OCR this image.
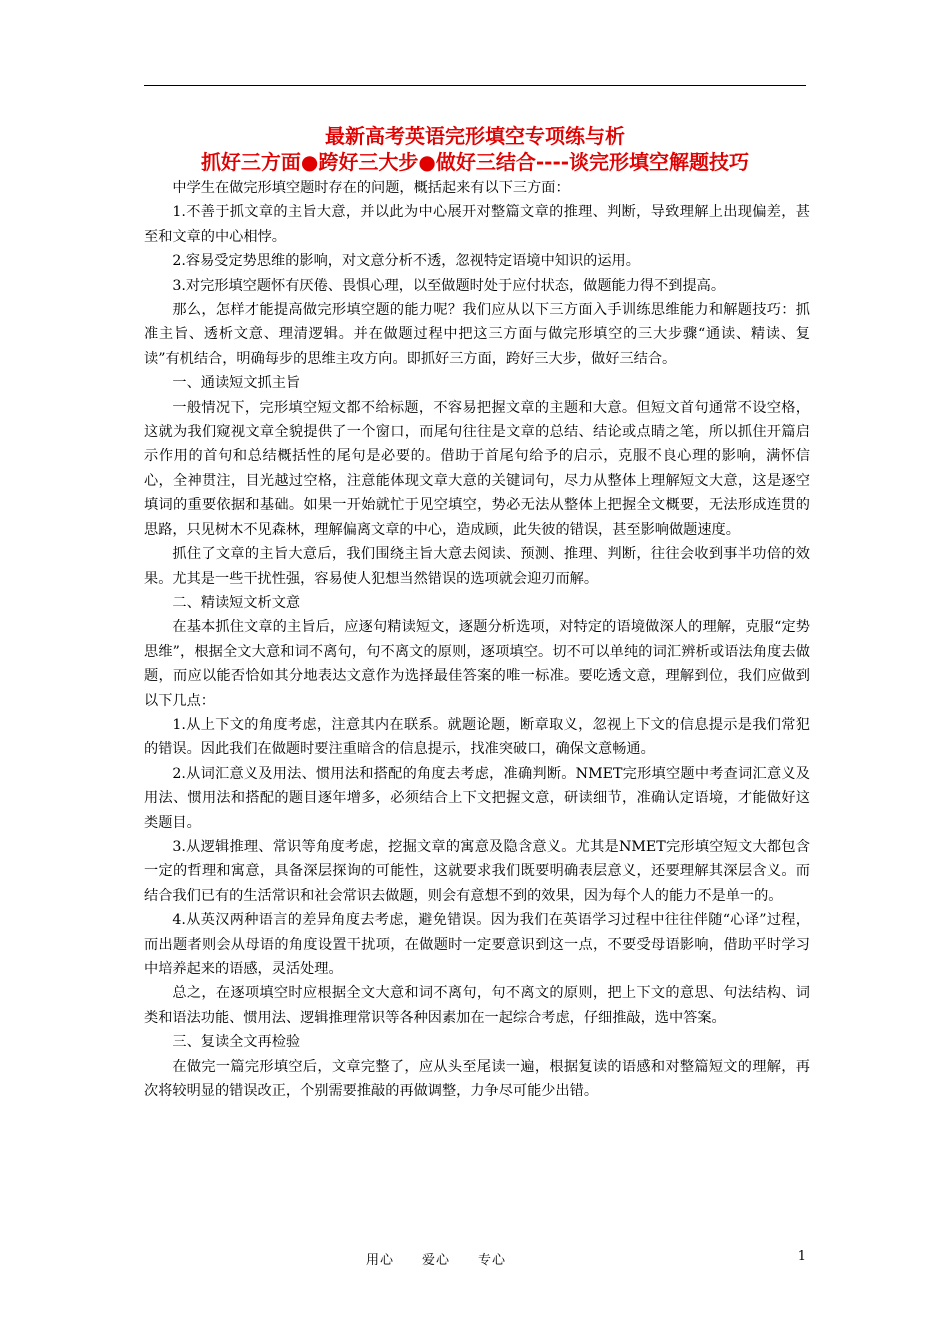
最新高考英语完形填空专项练与析
抓好三方面●跨好三大步●做好三结合----谈完形填空解题技巧

中学生在做完形填空题时存在的问题，概括起来有以下三方面：

1.不善于抓文章的主旨大意，并以此为中心展开对整篇文章的推理、判断，导致理解上出现偏差，甚至和文章的中心相悖。

2.容易受定势思维的影响，对文意分析不透，忽视特定语境中知识的运用。

3.对完形填空题怀有厌倦、畏惧心理，以至做题时处于应付状态，做题能力得不到提高。

那么，怎样才能提高做完形填空题的能力呢？我们应从以下三方面入手训练思维能力和解题技巧：抓准主旨、透析文意、理清逻辑。并在做题过程中把这三方面与做完形填空的三大步骤“通读、精读、复读”有机结合，明确每步的思维主攻方向。即抓好三方面，跨好三大步，做好三结合。

一、通读短文抓主旨

一般情况下，完形填空短文都不给标题，不容易把握文章的主题和大意。但短文首句通常不设空格，这就为我们窥视文章全貌提供了一个窗口，而尾句往往是文章的总结、结论或点睛之笔，所以抓住开篇启示作用的首句和总结概括性的尾句是必要的。借助于首尾句给予的启示，克服不良心理的影响，满怀信心，全神贯注，目光越过空格，注意能体现文章大意的关键词句，尽力从整体上理解短文大意，这是逐空填词的重要依据和基础。如果一开始就忙于见空填空，势必无法从整体上把握全文概要，无法形成连贯的思路，只见树木不见森林，理解偏离文章的中心，造成顾，此失彼的错误，甚至影响做题速度。

抓住了文章的主旨大意后，我们围绕主旨大意去阅读、预测、推理、判断，往往会收到事半功倍的效果。尤其是一些干扰性强，容易使人犯想当然错误的选项就会迎刃而解。

二、精读短文析文意

在基本抓住文章的主旨后，应逐句精读短文，逐题分析选项，对特定的语境做深人的理解，克服“定势思维”，根据全文大意和词不离句，句不离文的原则，逐项填空。切不可以单纯的词汇辨析或语法角度去做题，而应以能否恰如其分地表达文意作为选择最佳答案的唯一标准。要吃透文意，理解到位，我们应做到以下几点：

1.从上下文的角度考虑，注意其内在联系。就题论题，断章取义，忽视上下文的信息提示是我们常犯的错误。因此我们在做题时要注重暗含的信息提示，找准突破口，确保文意畅通。

2.从词汇意义及用法、惯用法和搭配的角度去考虑，准确判断。NMET完形填空题中考查词汇意义及用法、惯用法和搭配的题目逐年增多，必须结合上下文把握文意，研读细节，准确认定语境，才能做好这类题目。

3.从逻辑推理、常识等角度考虑，挖掘文章的寓意及隐含意义。尤其是NMET完形填空短文大都包含一定的哲理和寓意，具备深层探询的可能性，这就要求我们既要明确表层意义，还要理解其深层含义。而结合我们已有的生活常识和社会常识去做题，则会有意想不到的效果，因为每个人的能力不是单一的。

4.从英汉两种语言的差异角度去考虑，避免错误。因为我们在英语学习过程中往往伴随“心译”过程，而出题者则会从母语的角度设置干扰项，在做题时一定要意识到这一点，不要受母语影响，借助平时学习中培养起来的语感，灵活处理。

总之，在逐项填空时应根据全文大意和词不离句，句不离文的原则，把上下文的意思、句法结构、词类和语法功能、惯用法、逻辑推理常识等各种因素加在一起综合考虑，仔细推敲，选中答案。

三、复读全文再检验

在做完一篇完形填空后，文章完整了，应从头至尾读一遍，根据复读的语感和对整篇短文的理解，再次将较明显的错误改正，个别需要推敲的再做调整，力争尽可能少出错。

用心　　爱心　　专心	1
